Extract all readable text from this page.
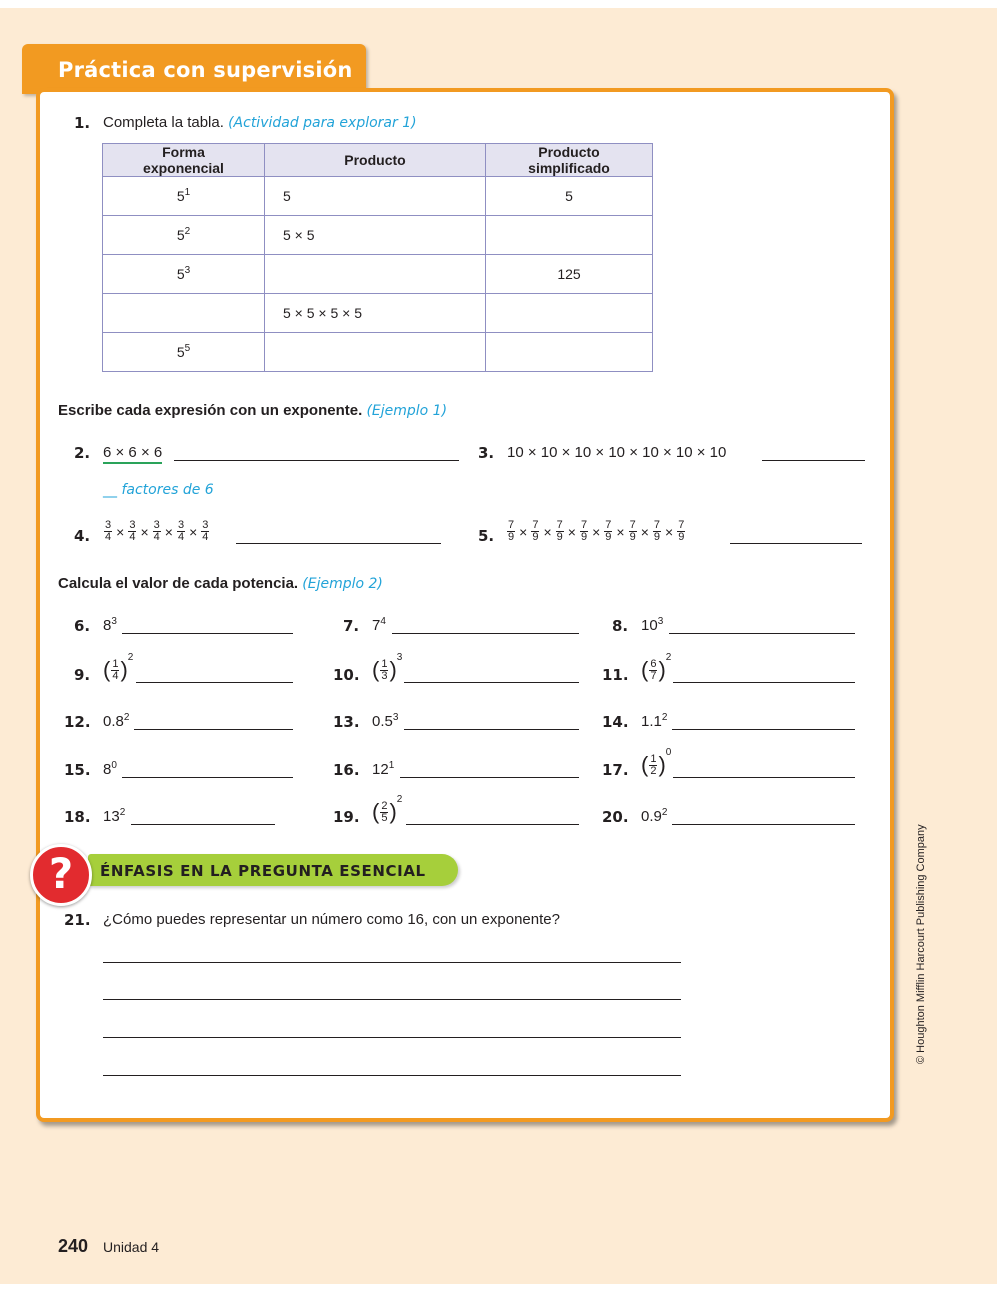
Práctica con supervisión
1. Completa la tabla. (Actividad para explorar 1)
Forma exponencial	Producto	Producto simplificado
$5^1$	5	5
$5^2$	5 × 5	
$5^3$		125
	5 × 5 × 5 × 5	
$5^5$		
Escribe cada expresión con un exponente. (Ejemplo 1)
2. 6 × 6 × 6
__ factores de 6
3. 10 × 10 × 10 × 10 × 10 × 10 × 10
4. $\frac{3}{4} \times \frac{3}{4} \times \frac{3}{4} \times \frac{3}{4} \times \frac{3}{4}$	5. $\frac{7}{9} \times \frac{7}{9} \times \frac{7}{9} \times \frac{7}{9} \times \frac{7}{9} \times \frac{7}{9} \times \frac{7}{9} \times \frac{7}{9}$
Calcula el valor de cada potencia. (Ejemplo 2)
6. $8^3$	7. $7^4$	8. $10^3$
9. ( $\frac{1}{4} )^2$
10. ( $\frac{1}{3} )^3$
11. ( $\frac{6}{7} )^2$
12. $0.8^2$	13. $0.5^3$	14. $1.1^2$
15. $8^0$	16. $12^1$	17. ( $\frac{1}{2} )^0$
18. $13^2$	19. ( $\frac{2}{5} )^2$
20. $0.9^2$
ÉNFASIS EN LA PREGUNTA ESENCIAL
?
21. ¿Cómo puedes representar un número como 16, con un exponente?	© Houghton Mifflin Harcourt Publishing Company
240 Unidad 4
